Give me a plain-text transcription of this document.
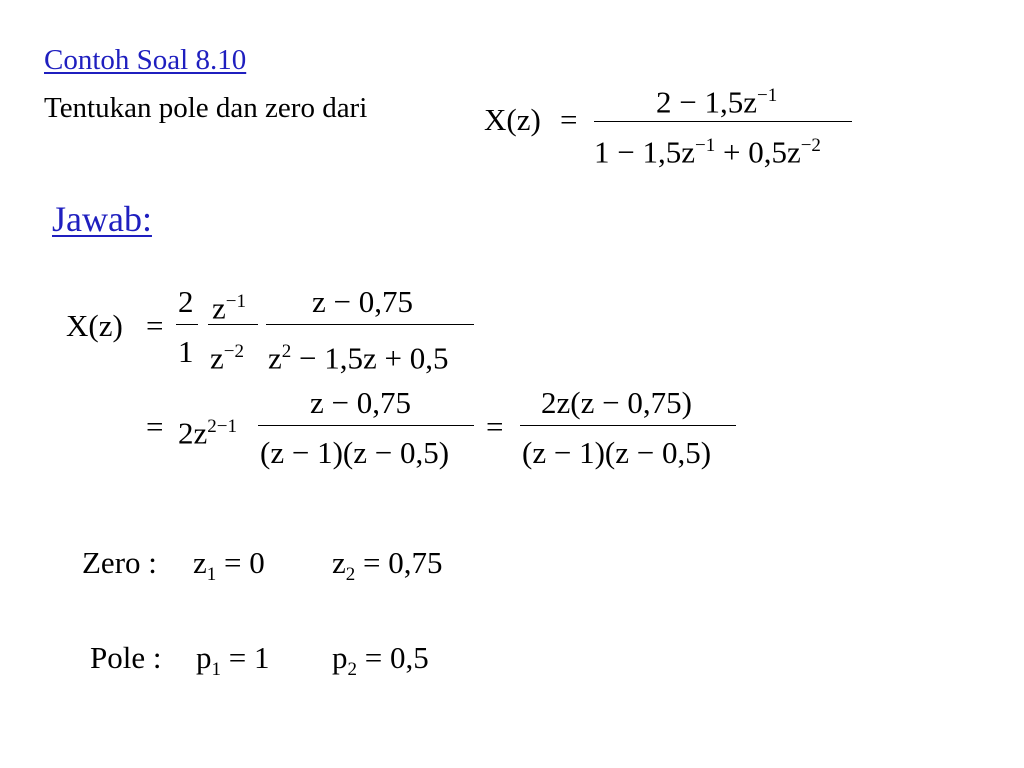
Contoh Soal 8.10
Tentukan pole dan zero dari	X(z) =
$2 - 1,5z^{-1}$
$1 - 1,5z^{-1} + 0,5z^{-2}$
Jawab:
X(z) =
2
1
$z^{-1}$
$z^{-2}$
z − 0,75
$z^2 - 1,5z + 0,5$
= $2z^{2-1}$
z − 0,75
(z − 1)(z − 0,5)
=
2z(z − 0,75)
(z − 1)(z − 0,5)
Zero : $z_1 = 0$ $z_2 = 0,75$
Pole : $p_1 = 1$ $p_2 = 0,5$
